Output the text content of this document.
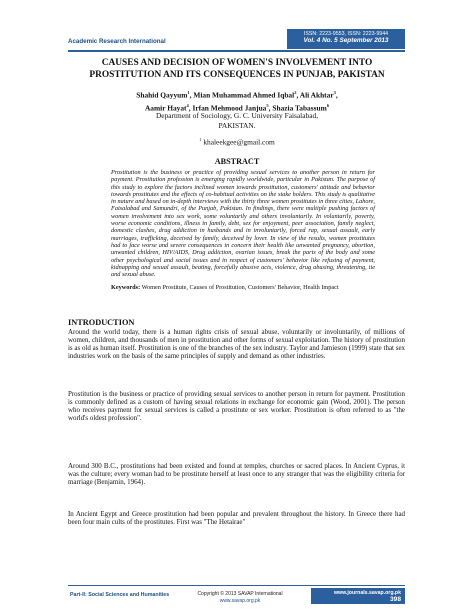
Academic Research International
ISSN: 2223-9553, ISSN: 2223-9944
Vol. 4 No. 5 September 2013
CAUSES AND DECISION OF WOMEN'S INVOLVEMENT INTO PROSTITUTION AND ITS CONSEQUENCES IN PUNJAB, PAKISTAN
Shahid Qayyum$^1$, Mian Muhammad Ahmed Iqbal$^2$, Ali Akhtar$^3$,
Aamir Hayat$^4$, Irfan Mehmood Janjua$^5$, Shazia Tabassum$^6$
Department of Sociology, G. C. University Faisalabad,
PAKISTAN.
$^1$ khaleekgee@gmail.com
ABSTRACT
Prostitution is the business or practice of providing sexual services to another person in return for payment. Prostitution profession is emerging rapidly worldwide, particular in Pakistan. The purpose of this study to explore the factors inclined women towards prostitution, customers' attitude and behavior towards prostitutes and the effects of co-habitual activities on the stake holders. This study is qualitative in nature and based on in-depth interviews with the thirty three women prostitutes in three cities, Lahore, Faisalabad and Samundri, of the Punjab, Pakistan. In findings, there were multiple pushing factors of women involvement into sex work, some voluntarily and others involuntarily. In voluntarily, poverty, worse economic conditions, illness in family, debt, sex for enjoyment, peer association, family neglect, domestic clashes, drug addiction in husbands and in involuntarily, forced rap, sexual assault, early marriages, trafficking, deceived by family, deceived by lover. In view of the results, women prostitutes had to face worse and severe consequences in concern their health like unwanted pregnancy, abortion, unwanted children, HIV/AIDS, Drug addiction, ovarian issues, break the parts of the body and some other psychological and social issues and in respect of customers' behavior like refusing of payment, kidnapping and sexual assault, beating, forcefully abusive acts, violence, drug abusing, threatening, tie and sexual abuse.
Keywords: Women Prostitute, Causes of Prostitution, Customers' Behavior, Health Impact
INTRODUCTION
Around the world today, there is a human rights crisis of sexual abuse, voluntarily or involuntarily, of millions of women, children, and thousands of men in prostitution and other forms of sexual exploitation. The history of prostitution is as old as human itself. Prostitution is one of the branches of the sex industry. Taylor and Jamieson (1999) state that sex industries work on the basis of the same principles of supply and demand as other industries.
Prostitution is the business or practice of providing sexual services to another person in return for payment. Prostitution is commonly defined as a custom of having sexual relations in exchange for economic gain (Wood, 2001). The person who receives payment for sexual services is called a prostitute or sex worker. Prostitution is often referred to as "the world's oldest profession".
Around 300 B.C., prostitutions had been existed and found at temples, churches or sacred places. In Ancient Cyprus, it was the culture; every woman had to be prostitute herself at least once to any stranger that was the eligibility criteria for marriage (Benjamin, 1964).
In Ancient Egypt and Greece prostitution had been popular and prevalent throughout the history. In Greece there had been four main cults of the prostitutes. First was "The Hetairae"
Part-II: Social Sciences and Humanities	Copyright © 2013 SAVAP International
www.savap.org.pk
www.journals.savap.org.pk
398
